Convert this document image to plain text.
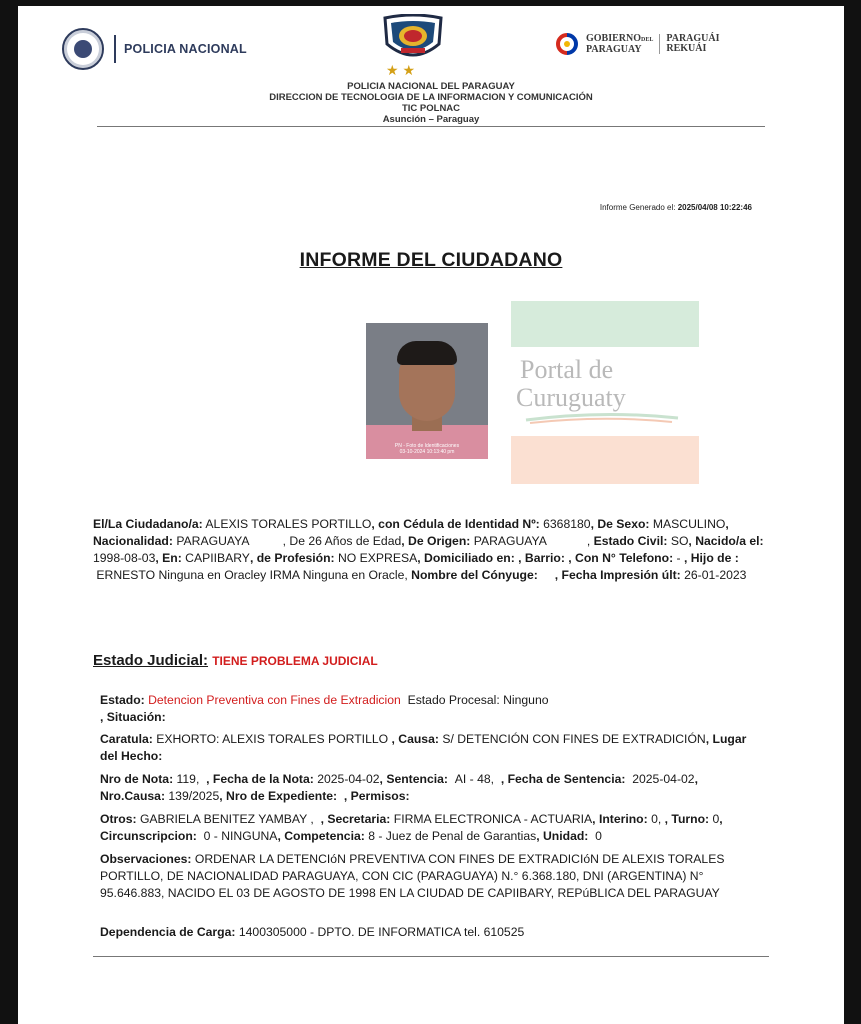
POLICIA NACIONAL
★★
GOBIERNODEL
PARAGUAY
PARAGUÁI
REKUÁI
POLICIA NACIONAL DEL PARAGUAY
DIRECCION DE TECNOLOGIA DE LA INFORMACION Y COMUNICACIÓN
TIC POLNAC
Asunción – Paraguay
Informe Generado el: 2025/04/08 10:22:46
INFORME DEL CIUDADANO
PN - Foto de Identificaciones
03-10-2024 10:13:40 pm
Portal de
Curuguaty
El/La Ciudadano/a: ALEXIS TORALES PORTILLO, con Cédula de Identidad Nº: 6368180, De Sexo: MASCULINO, Nacionalidad: PARAGUAYA	, De 26 Años de Edad, De Origen: PARAGUAYA            , Estado Civil: SO, Nacido/a el: 1998-08-03, En: CAPIIBARY, de Profesión: NO EXPRESA, Domiciliado en: , Barrio: , Con N° Telefono: - , Hijo de :  ERNESTO Ninguna en Oracley IRMA Ninguna en Oracle, Nombre del Cónyuge: , Fecha Impresión últ: 26-01-2023
Estado Judicial: TIENE PROBLEMA JUDICIAL
Estado: Detencion Preventiva con Fines de Extradicion Estado Procesal: Ninguno
, Situación:
Caratula: EXHORTO: ALEXIS TORALES PORTILLO , Causa: S/ DETENCIÓN CON FINES DE EXTRADICIÓN, Lugar del Hecho:
Nro de Nota: 119,  , Fecha de la Nota: 2025-04-02, Sentencia: AI - 48,  , Fecha de Sentencia: 2025-04-02, Nro.Causa: 139/2025, Nro de Expediente: , Permisos:
Otros: GABRIELA BENITEZ YAMBAY ,  , Secretaria: FIRMA ELECTRONICA - ACTUARIA, Interino: 0, , Turno: 0, Circunscripcion: 0 - NINGUNA, Competencia: 8 - Juez de Penal de Garantias, Unidad: 0
Observaciones: ORDENAR LA DETENCIóN PREVENTIVA CON FINES DE EXTRADICIóN DE ALEXIS TORALES PORTILLO, DE NACIONALIDAD PARAGUAYA, CON CIC (PARAGUAYA) N.° 6.368.180, DNI (ARGENTINA) N° 95.646.883, NACIDO EL 03 DE AGOSTO DE 1998 EN LA CIUDAD DE CAPIIBARY, REPúBLICA DEL PARAGUAY
Dependencia de Carga: 1400305000 - DPTO. DE INFORMATICA tel. 610525
